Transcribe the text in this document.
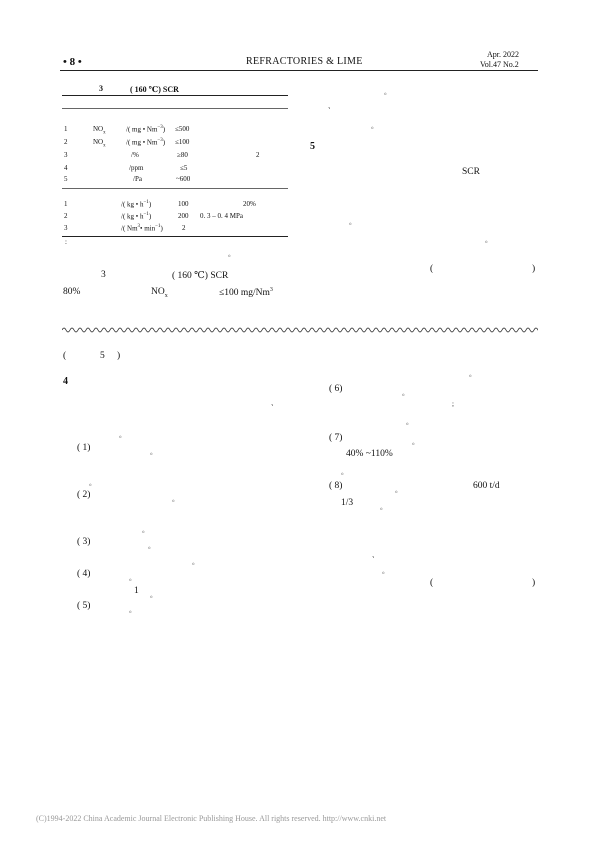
• 8 •	REFRACTORIES & LIME
Apr. 2022
Vol.47 No.2
3	( 160 ℃) SCR
1	$NO_x$	/( mg • $Nm^{-3}) \le 500$
2	$NO_x$	/( mg • $Nm^{-3}) \le 100$
3	/%	≥80	2
4	/ppm	≤5
5	/Pa	~600
1	/( kg • $h^{-1}$)	100	20%
2	/( kg • $h^{-1}$)	200 0. 3 – 0. 4 MPa
3	/( Nm$^3$• $\min^{-1}$)	2
:
。
3	( 160 ℃) SCR
80%	$NO_x$	≤100 mg/Nm$^3$
。
、
。
5
SCR
。
。
(	)
(	5 )
4
、
。
( 1)	。
。
( 2)	。
。
( 3)	。
。
( 4)	。
1 。
( 5)	。
。
( 6)	。
;
。
( 7)	。
40% ~110%
。
( 8)	。	600 t/d
1/3	。
、
。
(	)
(C)1994-2022 China Academic Journal Electronic Publishing House. All rights reserved. http://www.cnki.net
